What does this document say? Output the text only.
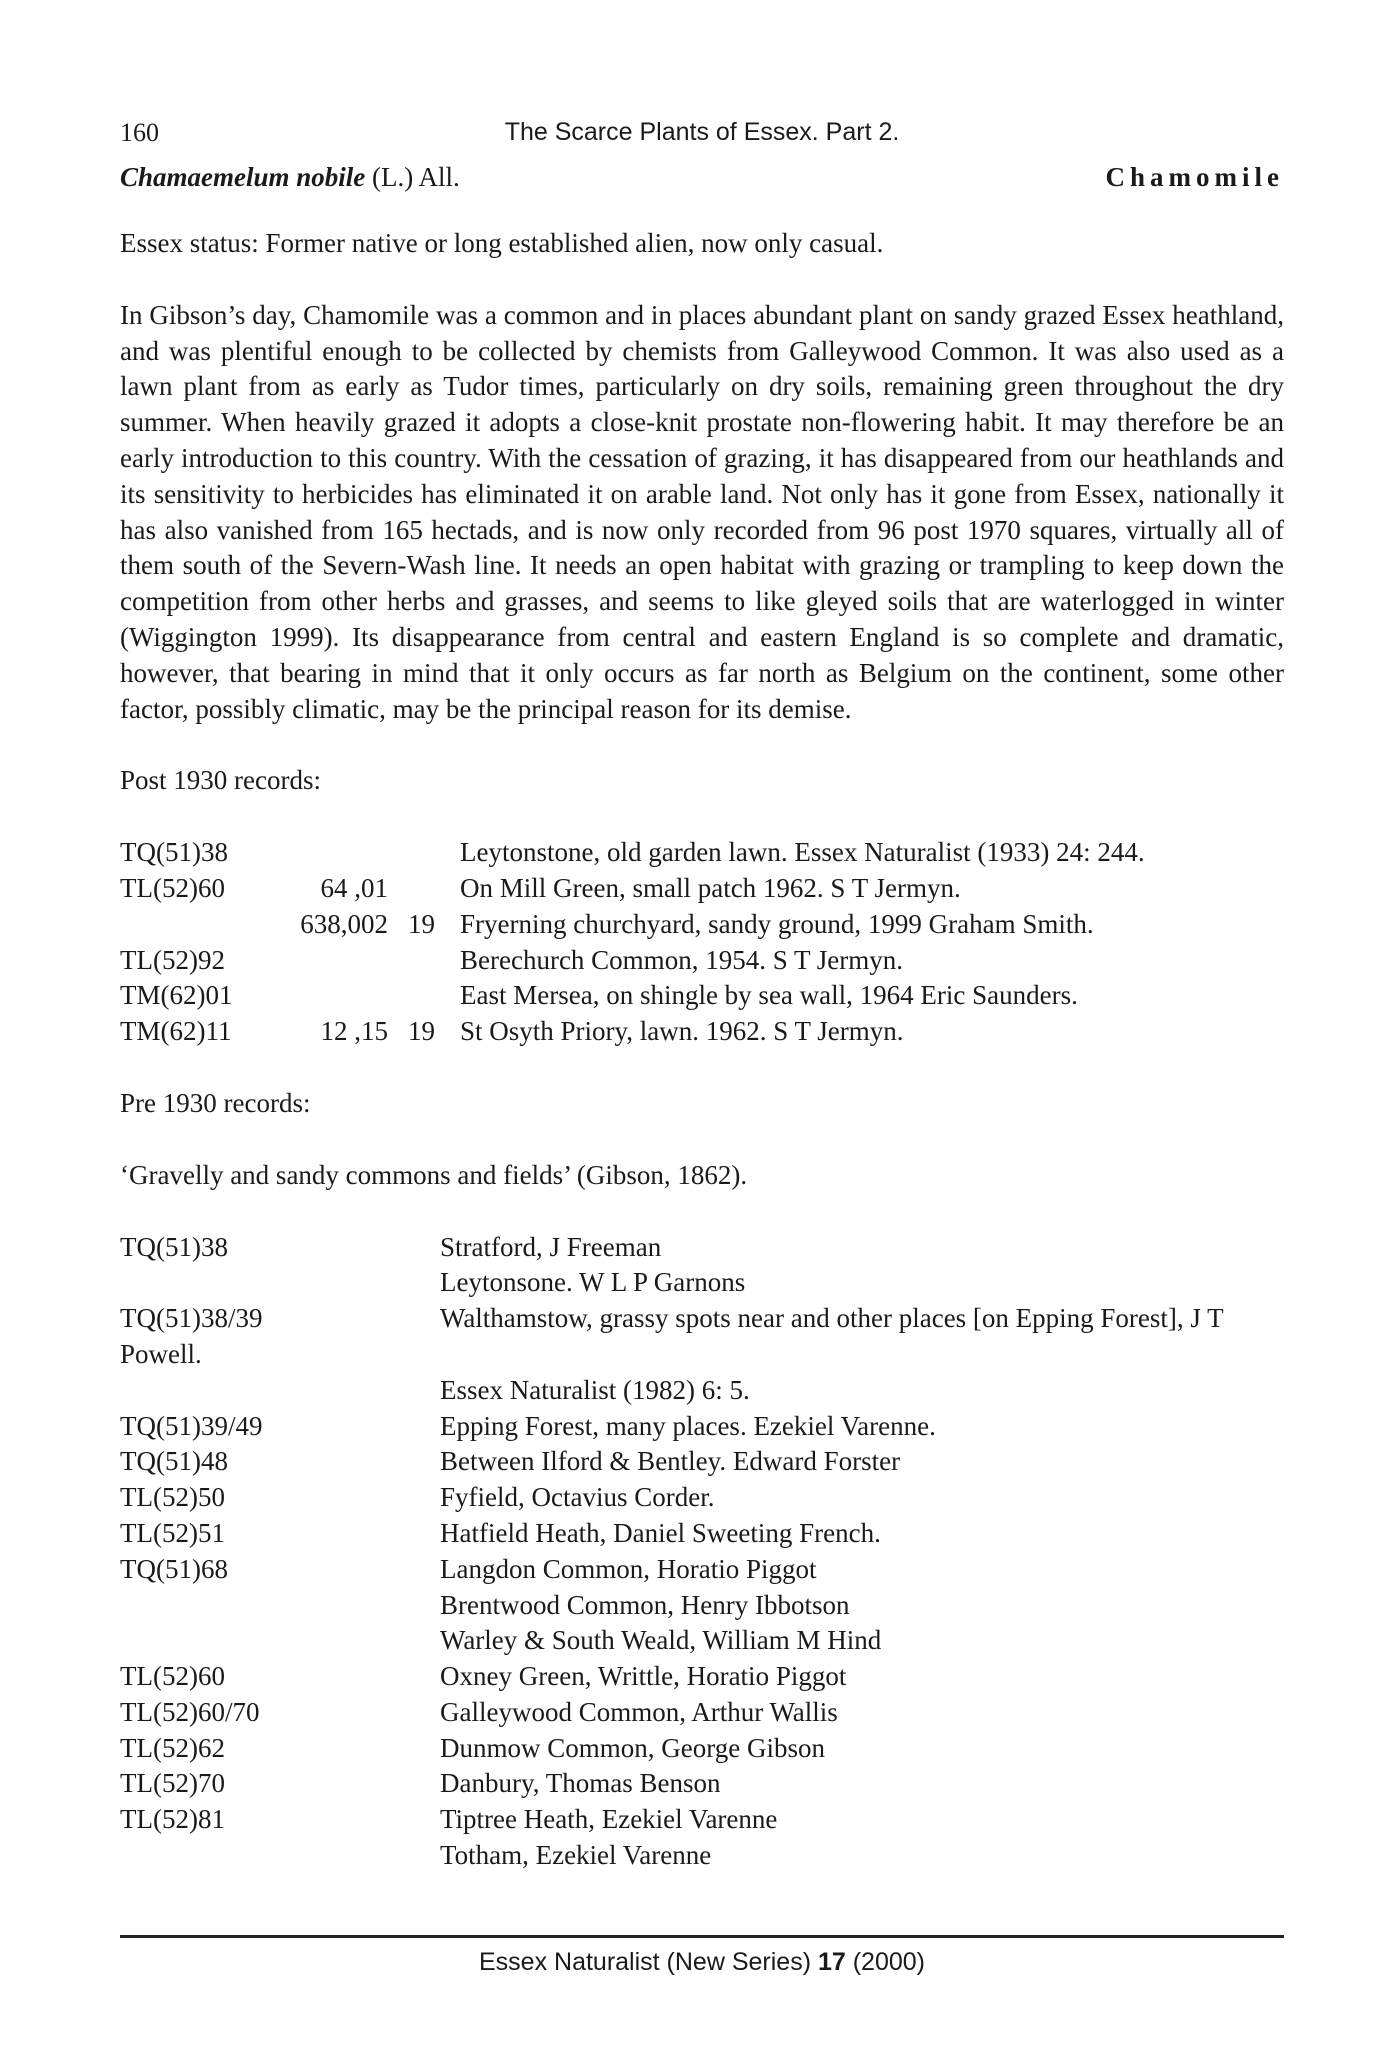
160	The Scarce Plants of Essex. Part 2.
Chamaemelum nobile (L.) All.	Chamomile

Essex status: Former native or long established alien, now only casual.

In Gibson’s day, Chamomile was a common and in places abundant plant on sandy grazed Essex heathland, and was plentiful enough to be collected by chemists from Galleywood Common. It was also used as a lawn plant from as early as Tudor times, particularly on dry soils, remaining green throughout the dry summer. When heavily grazed it adopts a close-knit prostate non-flowering habit. It may therefore be an early introduction to this country. With the cessation of grazing, it has disappeared from our heathlands and its sensitivity to herbicides has eliminated it on arable land. Not only has it gone from Essex, nationally it has also vanished from 165 hectads, and is now only recorded from 96 post 1970 squares, virtually all of them south of the Severn-Wash line. It needs an open habitat with grazing or trampling to keep down the competition from other herbs and grasses, and seems to like gleyed soils that are waterlogged in winter (Wiggington 1999). Its disappearance from central and eastern England is so complete and dramatic, however, that bearing in mind that it only occurs as far north as Belgium on the continent, some other factor, possibly climatic, may be the principal reason for its demise.

Post 1930 records:

TQ(51)38			Leytonstone, old garden lawn. Essex Naturalist (1933) 24: 244.
TL(52)60	64 ,01		On Mill Green, small patch 1962. S T Jermyn.
	638,002	19	Fryerning churchyard, sandy ground, 1999 Graham Smith.
TL(52)92			Berechurch Common, 1954. S T Jermyn.
TM(62)01			East Mersea, on shingle by sea wall, 1964 Eric Saunders.
TM(62)11	12 ,15	19	St Osyth Priory, lawn. 1962. S T Jermyn.

Pre 1930 records:

‘Gravelly and sandy commons and fields’ (Gibson, 1862).

TQ(51)38	Stratford, J Freeman
	Leytonsone. W L P Garnons
TQ(51)38/39	Walthamstow, grassy spots near and other places [on Epping Forest], J T
Powell.
	Essex Naturalist (1982) 6: 5.
TQ(51)39/49	Epping Forest, many places. Ezekiel Varenne.
TQ(51)48	Between Ilford & Bentley. Edward Forster
TL(52)50	Fyfield, Octavius Corder.
TL(52)51	Hatfield Heath, Daniel Sweeting French.
TQ(51)68	Langdon Common, Horatio Piggot
	Brentwood Common, Henry Ibbotson
	Warley & South Weald, William M Hind
TL(52)60	Oxney Green, Writtle, Horatio Piggot
TL(52)60/70	Galleywood Common, Arthur Wallis
TL(52)62	Dunmow Common, George Gibson
TL(52)70	Danbury, Thomas Benson
TL(52)81	Tiptree Heath, Ezekiel Varenne
	Totham, Ezekiel Varenne
Essex Naturalist (New Series) 17 (2000)
